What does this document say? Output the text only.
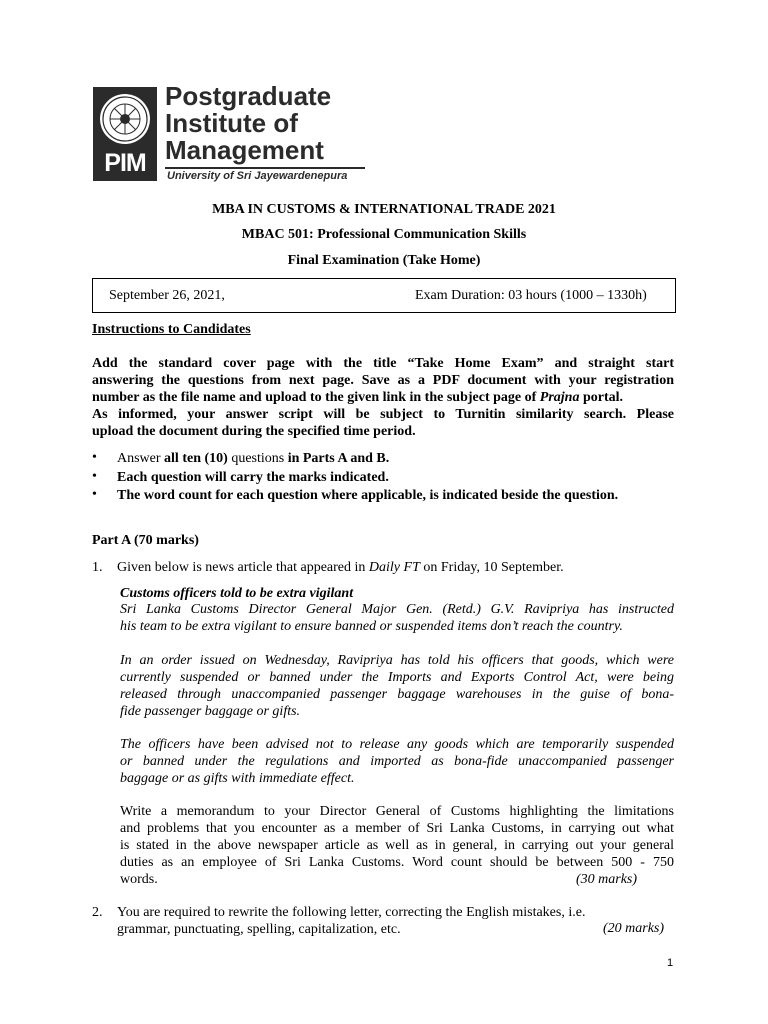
PIM
Postgraduate
Institute of
Management
University of Sri Jayewardenepura
MBA IN CUSTOMS & INTERNATIONAL TRADE 2021
MBAC 501: Professional Communication Skills
Final Examination (Take Home)
September 26, 2021,	Exam Duration: 03 hours (1000 – 1330h)
Instructions to Candidates
Add the standard cover page with the title “Take Home Exam” and straight start
answering the questions from next page. Save as a PDF document with your registration
number as the file name and upload to the given link in the subject page of Prajna portal.
As informed, your answer script will be subject to Turnitin similarity search. Please
upload the document during the specified time period.
• Answer all ten (10) questions in Parts A and B.
• Each question will carry the marks indicated.
• The word count for each question where applicable, is indicated beside the question.
Part A (70 marks)
1. Given below is news article that appeared in Daily FT on Friday, 10 September.
Customs officers told to be extra vigilant
Sri Lanka Customs Director General Major Gen. (Retd.) G.V. Ravipriya has instructed
his team to be extra vigilant to ensure banned or suspended items don’t reach the country.
In an order issued on Wednesday, Ravipriya has told his officers that goods, which were
currently suspended or banned under the Imports and Exports Control Act, were being
released through unaccompanied passenger baggage warehouses in the guise of bona-
fide passenger baggage or gifts.
The officers have been advised not to release any goods which are temporarily suspended
or banned under the regulations and imported as bona-fide unaccompanied passenger
baggage or as gifts with immediate effect.
Write a memorandum to your Director General of Customs highlighting the limitations
and problems that you encounter as a member of Sri Lanka Customs, in carrying out what
is stated in the above newspaper article as well as in general, in carrying out your general
duties as an employee of Sri Lanka Customs. Word count should be between 500 - 750
words.	(30 marks)
2. You are required to rewrite the following letter, correcting the English mistakes, i.e.
grammar, punctuating, spelling, capitalization, etc.	(20 marks)
1
